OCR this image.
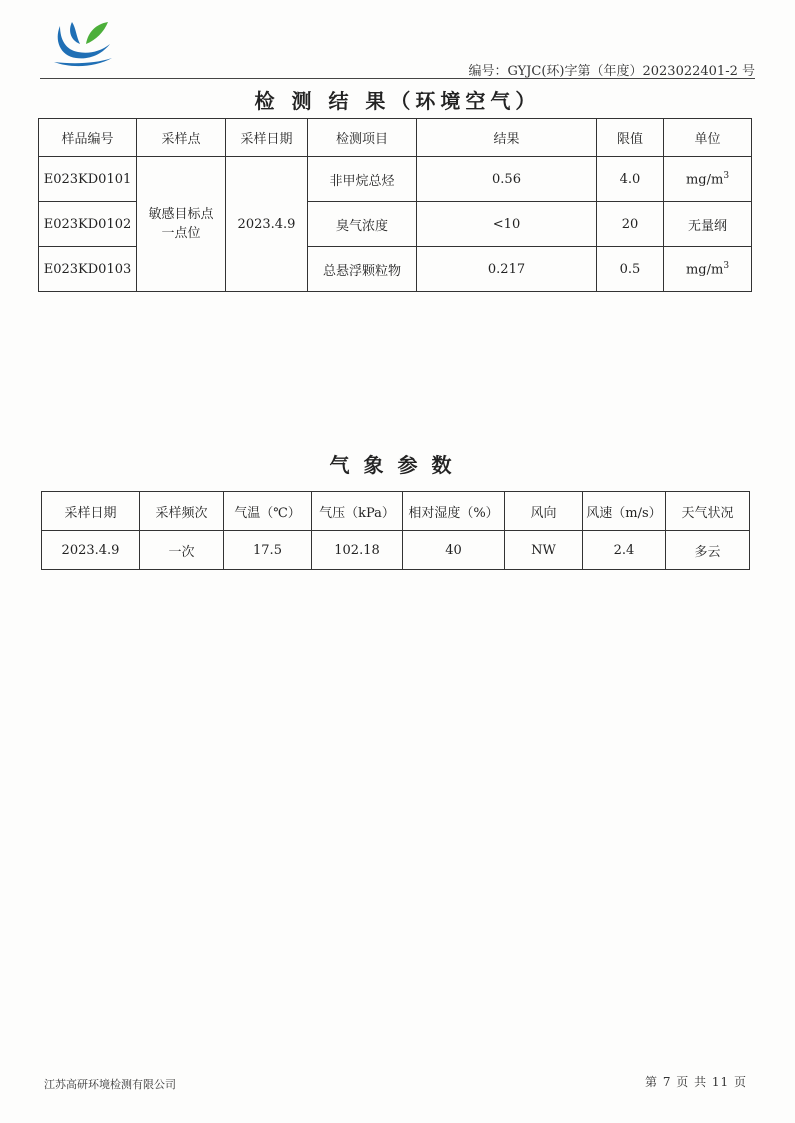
编号：GYJC(环)字第（年度）2023022401-2 号
检 测 结 果（环境空气）
样品编号	采样点	采样日期	检测项目	结果	限值	单位
E023KD0101	敏感目标点一点位	2023.4.9	非甲烷总烃	0.56	4.0	$mg/m^3$
E023KD0102			臭气浓度	<10	20	无量纲
E023KD0103			总悬浮颗粒物	0.217	0.5	$mg/m^3$
气象参数
采样日期	采样频次	气温（℃）	气压（kPa）	相对湿度（%）	风向	风速（m/s）	天气状况
2023.4.9	一次	17.5	102.18	40	NW	2.4	多云
江苏高研环境检测有限公司	第 7 页 共 11 页
